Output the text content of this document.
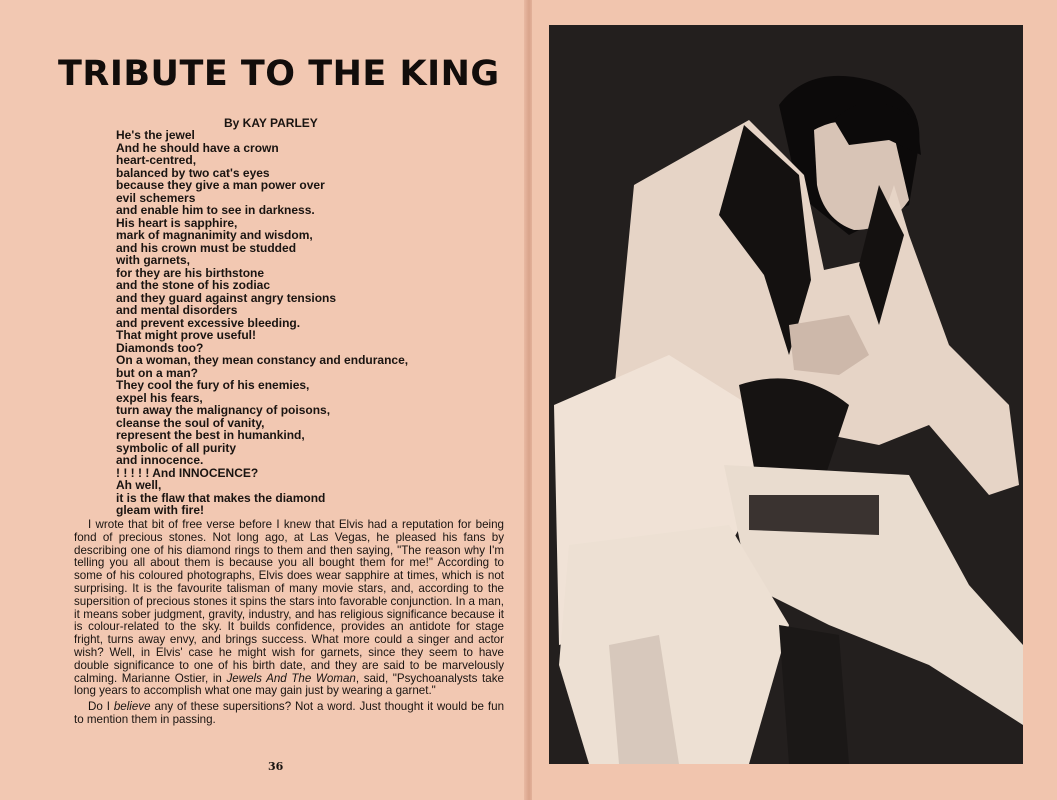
TRIBUTE TO THE KING
By KAY PARLEY
He's the jewel
And he should have a crown
heart-centred,
balanced by two cat's eyes
because they give a man power over
evil schemers
and enable him to see in darkness.
His heart is sapphire,
mark of magnanimity and wisdom,
and his crown must be studded
with garnets,
for they are his birthstone
and the stone of his zodiac
and they guard against angry tensions
and mental disorders
and prevent excessive bleeding.
That might prove useful!
Diamonds too?
On a woman, they mean constancy and endurance,
but on a man?
They cool the fury of his enemies,
expel his fears,
turn away the malignancy of poisons,
cleanse the soul of vanity,
represent the best in humankind,
symbolic of all purity
and innocence.
! ! ! ! ! And INNOCENCE?
Ah well,
it is the flaw that makes the diamond
gleam with fire!

I wrote that bit of free verse before I knew that Elvis had a reputation for being fond of precious stones. Not long ago, at Las Vegas, he pleased his fans by describing one of his diamond rings to them and then saying, "The reason why I'm telling you all about them is because you all bought them for me!" According to some of his coloured photographs, Elvis does wear sapphire at times, which is not surprising. It is the favourite talisman of many movie stars, and, according to the supersition of precious stones it spins the stars into favorable conjunction. In a man, it means sober judgment, gravity, industry, and has religious significance because it is colour-related to the sky. It builds confidence, provides an antidote for stage fright, turns away envy, and brings success. What more could a singer and actor wish? Well, in Elvis' case he might wish for garnets, since they seem to have double significance to one of his birth date, and they are said to be marvelously calming. Marianne Ostier, in Jewels And The Woman, said, "Psychoanalysts take long years to accomplish what one may gain just by wearing a garnet."

Do I believe any of these supersitions? Not a word. Just thought it would be fun to mention them in passing.

36
